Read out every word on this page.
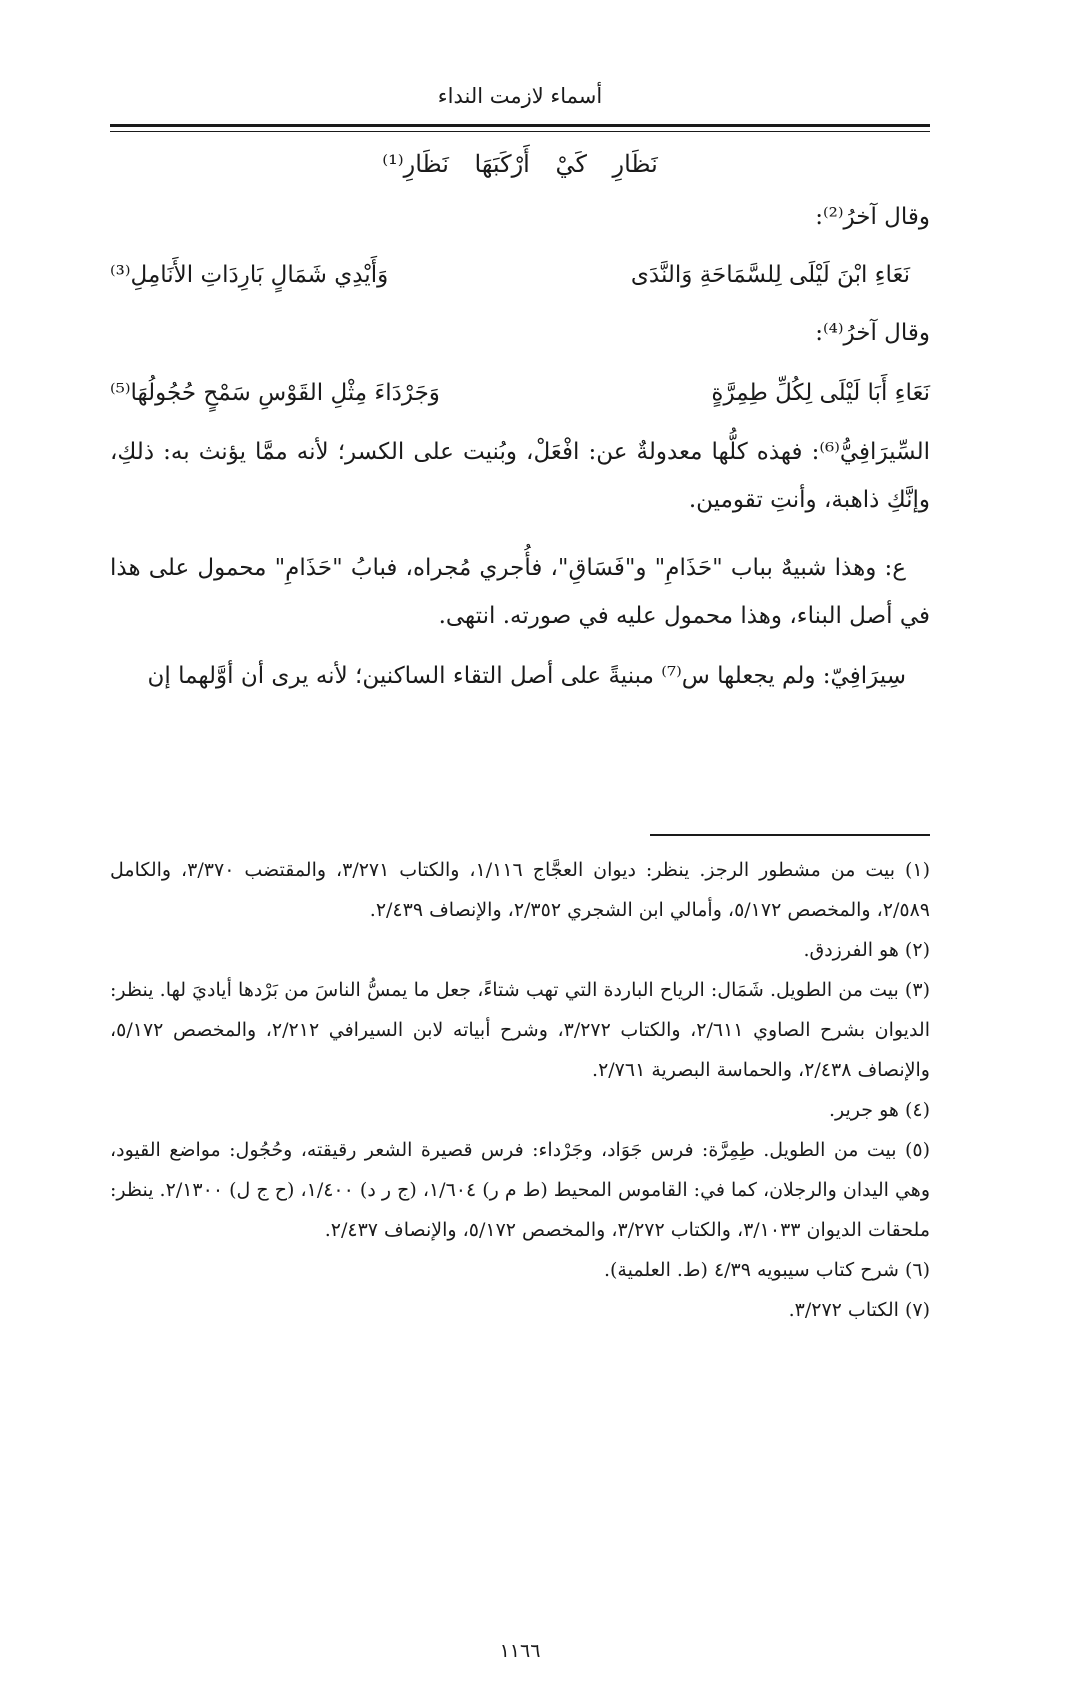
أسماء لازمت النداء
نَظَارِ كَيْ أَرْكَبَهَا نَظَارِ⁽¹⁾
وقال آخرُ⁽²⁾:
نَعَاءِ ابْنَ لَيْلَى لِلسَّمَاحَةِ وَالنَّدَى
وَأَيْدِي شَمَالٍ بَارِدَاتِ الأَنَامِلِ⁽³⁾
وقال آخرُ⁽⁴⁾:
نَعَاءِ أَبَا لَيْلَى لِكُلِّ طِمِرَّةٍ
وَجَرْدَاءَ مِثْلِ القَوْسِ سَمْحٍ حُجُولُهَا⁽⁵⁾
السِّيرَافِيُّ⁽⁶⁾: فهذه كلُّها معدولةٌ عن: افْعَلْ، وبُنيت على الكسر؛ لأنه ممَّا يؤنث به: ذلكِ، وإنَّكِ ذاهبة، وأنتِ تقومين.
ع: وهذا شبيهٌ بباب "حَذَامِ" و"فَسَاقِ"، فأُجري مُجراه، فبابُ "حَذَامِ" محمول على هذا في أصل البناء، وهذا محمول عليه في صورته. انتهى.
سِيرَافِيّ: ولم يجعلها س⁽⁷⁾ مبنيةً على أصل التقاء الساكنين؛ لأنه يرى أن أوَّلهما إن

(١) بيت من مشطور الرجز. ينظر: ديوان العجَّاج ١/١١٦، والكتاب ٣/٢٧١، والمقتضب ٣/٣٧٠، والكامل ٢/٥٨٩، والمخصص ٥/١٧٢، وأمالي ابن الشجري ٢/٣٥٢، والإنصاف ٢/٤٣٩.

(٢) هو الفرزدق.

(٣) بيت من الطويل. شَمَال: الرياح الباردة التي تهب شتاءً، جعل ما يمسُّ الناسَ من بَرْدها أياديَ لها. ينظر: الديوان بشرح الصاوي ٢/٦١١، والكتاب ٣/٢٧٢، وشرح أبياته لابن السيرافي ٢/٢١٢، والمخصص ٥/١٧٢، والإنصاف ٢/٤٣٨، والحماسة البصرية ٢/٧٦١.

(٤) هو جرير.

(٥) بيت من الطويل. طِمِرَّة: فرس جَوَاد، وجَرْداء: فرس قصيرة الشعر رقيقته، وحُجُول: مواضع القيود، وهي اليدان والرجلان، كما في: القاموس المحيط (ط م ر) ١/٦٠٤، (ج ر د) ١/٤٠٠، (ح ج ل) ٢/١٣٠٠. ينظر: ملحقات الديوان ٣/١٠٣٣، والكتاب ٣/٢٧٢، والمخصص ٥/١٧٢، والإنصاف ٢/٤٣٧.

(٦) شرح كتاب سيبويه ٤/٣٩ (ط. العلمية).

(٧) الكتاب ٣/٢٧٢.

١١٦٦
